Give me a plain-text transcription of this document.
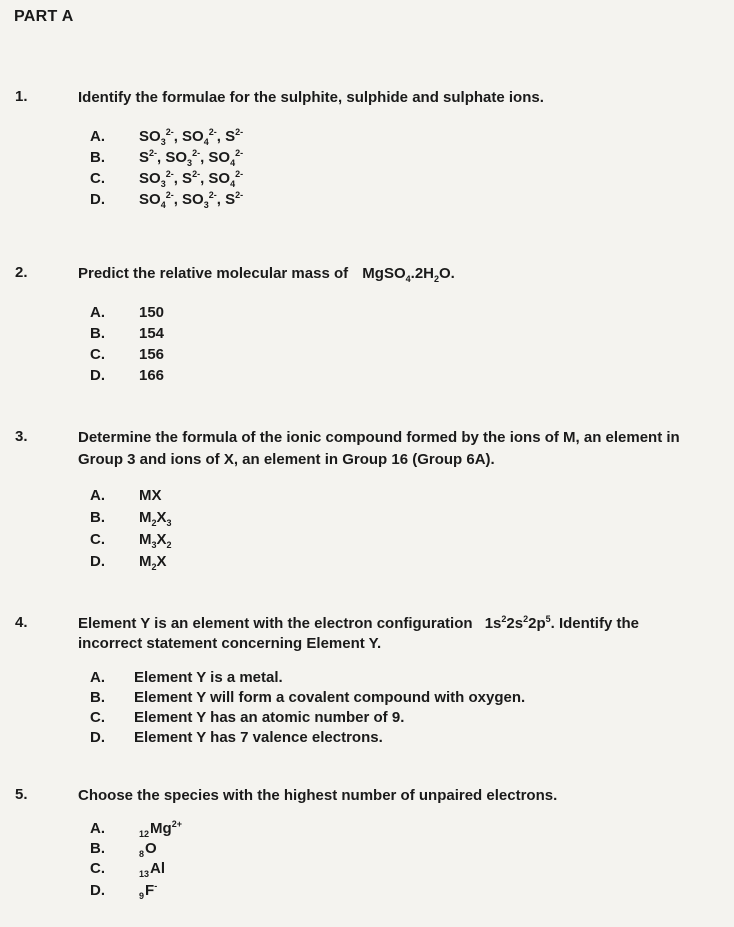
PART A
1.	Identify the formulae for the sulphite, sulphide and sulphate ions.
A. $SO_3^{2-}$, $SO_4^{2-}$, $S^{2-}$
B. $S^{2-}$, $SO_3^{2-}$, $SO_4^{2-}$
C. $SO_3^{2-}$, $S^{2-}$, $SO_4^{2-}$
D. $SO_4^{2-}$, $SO_3^{2-}$, $S^{2-}$
2.	Predict the relative molecular mass of $MgSO_4.2H_2O$.
A. 150
B. 154
C. 156
D. 166
3.	Determine the formula of the ionic compound formed by the ions of M, an element in
Group 3 and ions of X, an element in Group 16 (Group 6A).
A. MX
B. $M_2X_3$
C. $M_3X_2$
D. $M_2X$
4.	Element Y is an element with the electron configuration $1s^22s^22p^5$. Identify the
incorrect statement concerning Element Y.
A. Element Y is a metal.
B. Element Y will form a covalent compound with oxygen.
C. Element Y has an atomic number of 9.
D. Element Y has 7 valence electrons.
5.	Choose the species with the highest number of unpaired electrons.
A.	$_{12}Mg^{2+}$
B.	$_8$O
C.	$_{13}$Al
D.	$_9$F-
